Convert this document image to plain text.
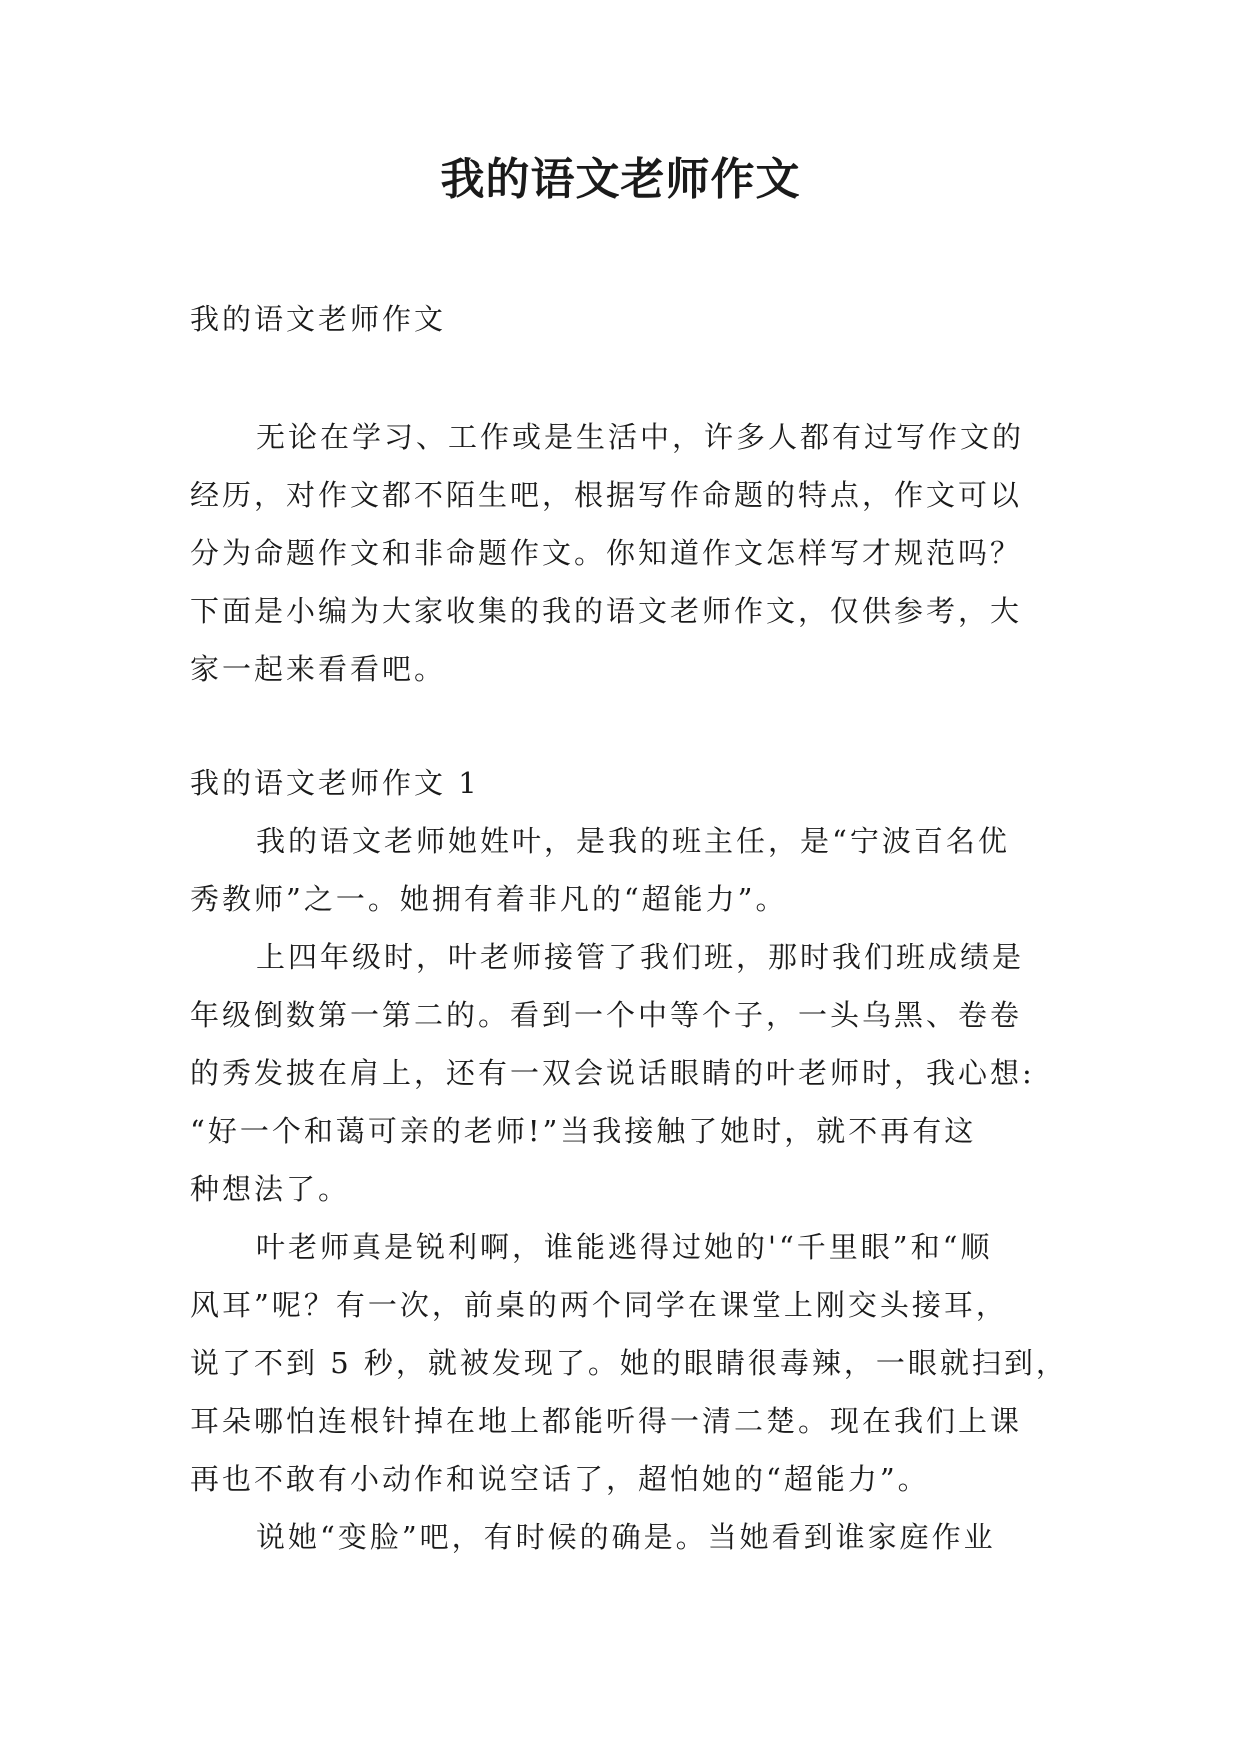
我的语文老师作文
我的语文老师作文
无论在学习、工作或是生活中，许多人都有过写作文的
经历，对作文都不陌生吧，根据写作命题的特点，作文可以
分为命题作文和非命题作文。你知道作文怎样写才规范吗？
下面是小编为大家收集的我的语文老师作文，仅供参考，大
家一起来看看吧。
我的语文老师作文 1
我的语文老师她姓叶，是我的班主任，是“宁波百名优
秀教师”之一。她拥有着非凡的“超能力”。
上四年级时，叶老师接管了我们班，那时我们班成绩是
年级倒数第一第二的。看到一个中等个子，一头乌黑、卷卷
的秀发披在肩上，还有一双会说话眼睛的叶老师时，我心想:
“好一个和蔼可亲的老师!”当我接触了她时，就不再有这
种想法了。
叶老师真是锐利啊，谁能逃得过她的'“千里眼”和“顺
风耳”呢？有一次，前桌的两个同学在课堂上刚交头接耳，
说了不到 5 秒，就被发现了。她的眼睛很毒辣，一眼就扫到，
耳朵哪怕连根针掉在地上都能听得一清二楚。现在我们上课
再也不敢有小动作和说空话了，超怕她的“超能力”。
说她“变脸”吧，有时候的确是。当她看到谁家庭作业
